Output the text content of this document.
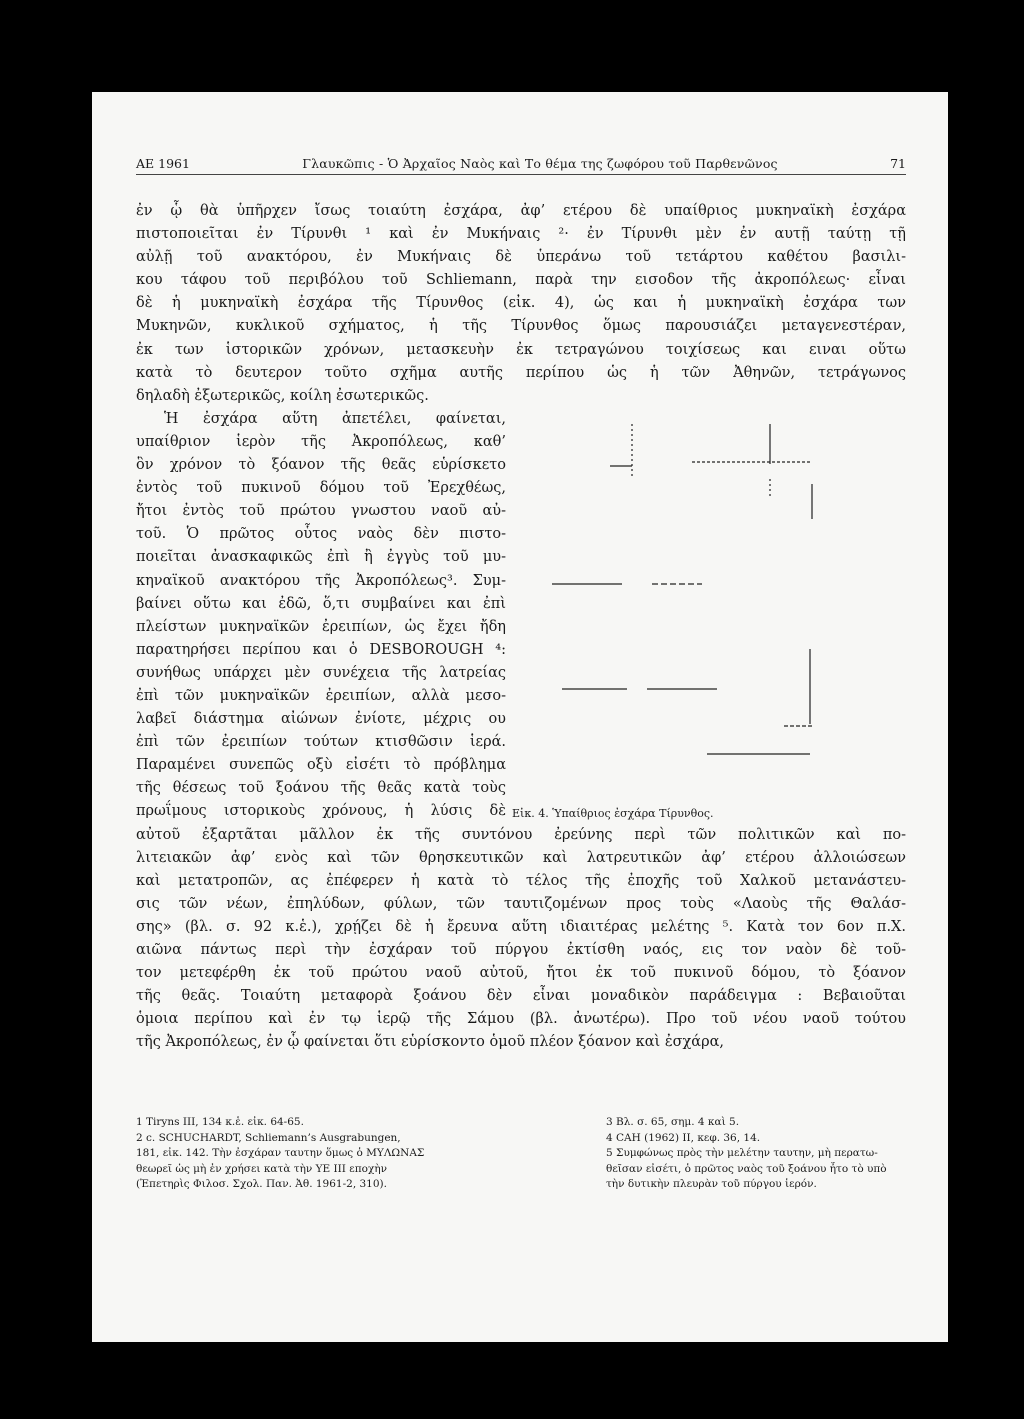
ΑΕ 1961	Γλαυκῶπις - Ὁ Ἀρχαῖος Ναὸς καὶ Το θέμα της ζωφόρου τοῦ Παρθενῶνος	71
ἐν ᾧ θὰ ὑπῆρχεν ἴσως τοιαύτη ἐσχάρα, ἀφ’ ετέρου δὲ υπαίθριος μυκηναϊκὴ ἐσχάρα
πιστοποιεῖται ἐν Τίρυνθι ¹ καὶ ἐν Μυκήναις ²· ἐν Τίρυνθι μὲν ἐν αυτῇ ταύτῃ τῇ
αὐλῇ τοῦ ανακτόρου, ἐν Μυκήναις δὲ ὑπεράνω τοῦ τετάρτου καθέτου βασιλι-
κου τάφου τοῦ περιβόλου τοῦ Schliemann, παρὰ την εισοδον τῆς ἀκροπόλεως· εἶναι
δὲ ἡ μυκηναϊκὴ ἐσχάρα τῆς Τίρυνθος (εἰκ. 4), ὡς και ἡ μυκηναϊκὴ ἐσχάρα των
Μυκηνῶν, κυκλικοῦ σχήματος, ἡ τῆς Τίρυνθος ὅμως παρουσιάζει μεταγενεστέραν,
ἐκ των ἱστορικῶν χρόνων, μετασκευὴν ἐκ τετραγώνου τοιχίσεως και ειναι οὕτω
κατὰ τὸ δευτερον τοῦτο σχῆμα αυτῆς περίπου ὡς ἡ τῶν Ἀθηνῶν, τετράγωνος
δηλαδὴ ἐξωτερικῶς, κοίλη ἐσωτερικῶς.
Ἡ ἐσχάρα αὕτη ἀπετέλει, φαίνεται,
υπαίθριον ἱερὸν τῆς Ἀκροπόλεως, καθ’
ὃν χρόνον τὸ ξόανον τῆς θεᾶς εὑρίσκετο
ἐντὸς τοῦ πυκινοῦ δόμου τοῦ Ἐρεχθέως,
ἤτοι ἐντὸς τοῦ πρώτου γνωστου ναοῦ αὐ-
τοῦ. Ὁ πρῶτος οὗτος ναὸς δὲν πιστο-
ποιεῖται ἀνασκαφικῶς ἐπὶ ἢ ἐγγὺς τοῦ μυ-
κηναϊκοῦ ανακτόρου τῆς Ἀκροπόλεως³. Συμ-
βαίνει οὕτω και ἐδῶ, ὅ,τι συμβαίνει και ἐπὶ
πλείστων μυκηναϊκῶν ἐρειπίων, ὡς ἔχει ἤδη
παρατηρήσει περίπου και ὁ DESBOROUGH ⁴:
συνήθως υπάρχει μὲν συνέχεια τῆς λατρείας
ἐπὶ τῶν μυκηναϊκῶν ἐρειπίων, αλλὰ μεσο-
λαβεῖ διάστημα αἰώνων ἐνίοτε, μέχρις ου
ἐπὶ τῶν ἐρειπίων τούτων κτισθῶσιν ἱερά.
Παραμένει συνεπῶς οξὺ εἰσέτι τὸ πρόβλημα
τῆς θέσεως τοῦ ξοάνου τῆς θεᾶς κατὰ τοὺς
πρωΐμους ιστορικοὺς χρόνους, ἡ λύσις δὲ
αὐτοῦ ἐξαρτᾶται μᾶλλον ἐκ τῆς συντόνου ἐρεύνης περὶ τῶν πολιτικῶν καὶ πο-
λιτειακῶν ἀφ’ ενὸς καὶ τῶν θρησκευτικῶν καὶ λατρευτικῶν ἀφ’ ετέρου ἀλλοιώσεων
καὶ μετατροπῶν, ας ἐπέφερεν ἡ κατὰ τὸ τέλος τῆς ἐποχῆς τοῦ Χαλκοῦ μετανάστευ-
σις τῶν νέων, ἐπηλύδων, φύλων, τῶν ταυτιζομένων προς τοὺς «Λαοὺς τῆς Θαλάσ-
σης» (βλ. σ. 92 κ.ἑ.), χρῄζει δὲ ἡ ἔρευνα αὕτη ιδιαιτέρας μελέτης ⁵. Κατὰ τον 6ον π.Χ.
αιῶνα πάντως περὶ τὴν ἐσχάραν τοῦ πύργου ἐκτίσθη ναός, εις τον ναὸν δὲ τοῦ-
τον μετεφέρθη ἐκ τοῦ πρώτου ναοῦ αὐτοῦ, ἤτοι ἐκ τοῦ πυκινοῦ δόμου, τὸ ξόανον
τῆς θεᾶς. Τοιαύτη μεταφορὰ ξοάνου δὲν εἶναι μοναδικὸν παράδειγμα : Βεβαιοῦται
ὁμοια περίπου καὶ ἐν τῳ ἱερῷ τῆς Σάμου (βλ. ἀνωτέρω). Προ τοῦ νέου ναοῦ τούτου
τῆς Ἀκροπόλεως, ἐν ᾧ φαίνεται ὅτι εὑρίσκοντο ὁμοῦ πλέον ξόανον καὶ ἐσχάρα,
Εἰκ. 4. Ὑπαίθριος ἐσχάρα Τίρυνθος.
1 Tiryns III, 134 κ.ἑ. εἰκ. 64-65.
2 c. SCHUCHARDT, Schliemann’s Ausgrabungen,
181, εἰκ. 142. Τὴν ἐσχάραν ταυτην ὅμως ὁ ΜΥΛΩΝΑΣ
θεωρεῖ ὡς μὴ ἐν χρήσει κατὰ τὴν ΥΕ III εποχὴν
(Ἐπετηρὶς Φιλοσ. Σχολ. Παν. Ἀθ. 1961-2, 310).
3 Βλ. σ. 65, σημ. 4 καὶ 5.
4 CAH (1962) II, κεφ. 36, 14.
5 Συμφώνως πρὸς τὴν μελέτην ταυτην, μὴ περατω-
θεῖσαν εἰσέτι, ὁ πρῶτος ναὸς τοῦ ξοάνου ἦτο τὸ υπὸ
τὴν δυτικὴν πλευρὰν τοῦ πύργου ἱερόν.
